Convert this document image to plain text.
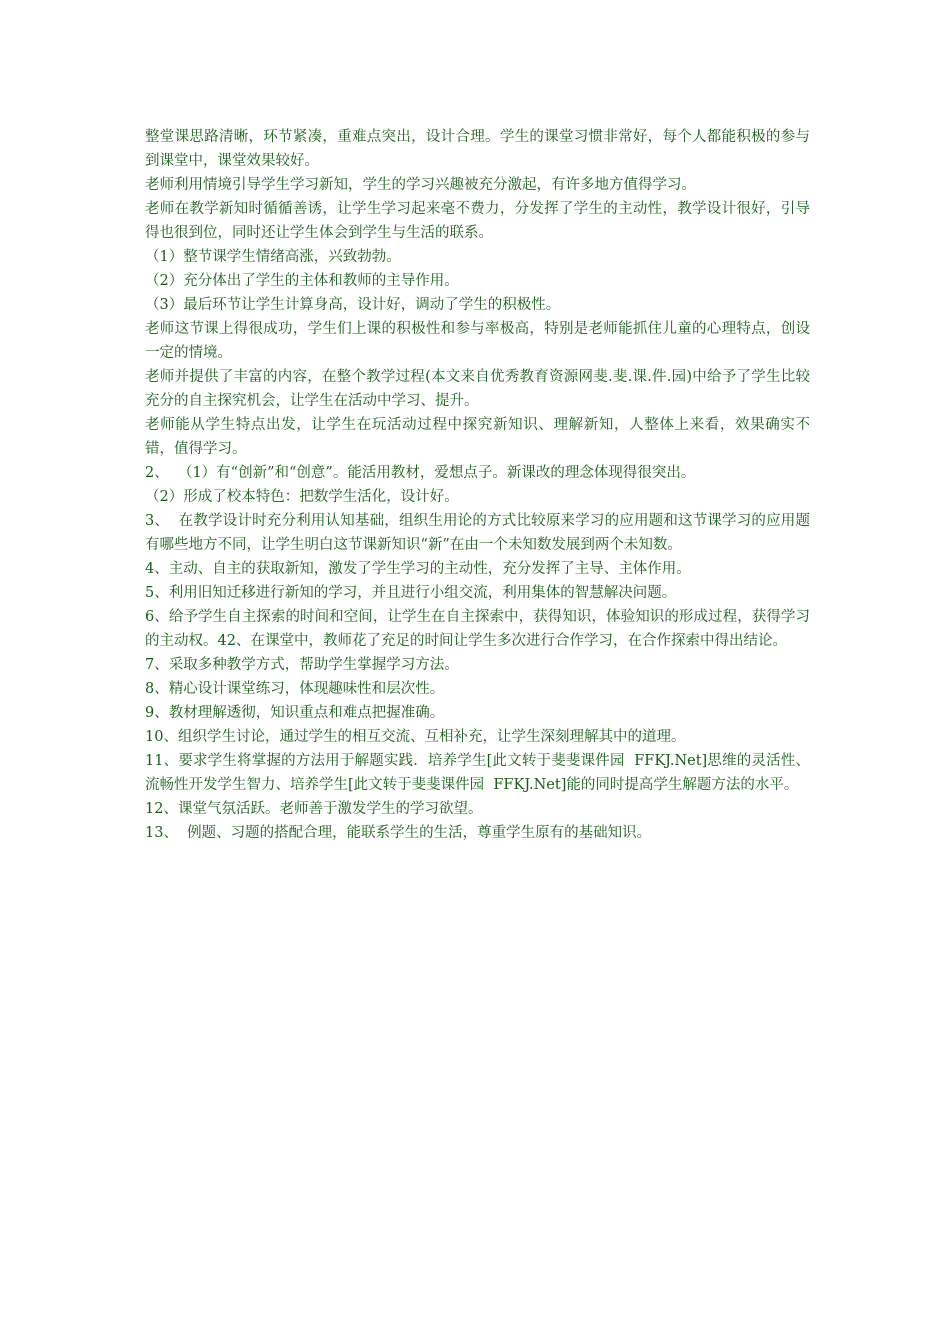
整堂课思路清晰，环节紧凑，重难点突出，设计合理。学生的课堂习惯非常好，每个人都能积极的参与到课堂中，课堂效果较好。

老师利用情境引导学生学习新知，学生的学习兴趣被充分激起，有许多地方值得学习。

老师在教学新知时循循善诱，让学生学习起来毫不费力，分发挥了学生的主动性，教学设计很好，引导得也很到位，同时还让学生体会到学生与生活的联系。

（1）整节课学生情绪高涨，兴致勃勃。

（2）充分体出了学生的主体和教师的主导作用。

（3）最后环节让学生计算身高，设计好，调动了学生的积极性。

老师这节课上得很成功，学生们上课的积极性和参与率极高，特别是老师能抓住儿童的心理特点，创设一定的情境。

老师并提供了丰富的内容，在整个教学过程(本文来自优秀教育资源网斐.斐.课.件.园)中给予了学生比较充分的自主探究机会，让学生在活动中学习、提升。

老师能从学生特点出发，让学生在玩活动过程中探究新知识、理解新知，人整体上来看，效果确实不错，值得学习。

2、  （1）有“创新”和“创意”。能活用教材，爱想点子。新课改的理念体现得很突出。

（2）形成了校本特色：把数学生活化，设计好。

3、  在教学设计时充分利用认知基础，组织生用论的方式比较原来学习的应用题和这节课学习的应用题有哪些地方不同，让学生明白这节课新知识“新”在由一个未知数发展到两个未知数。

4、主动、自主的获取新知，激发了学生学习的主动性，充分发挥了主导、主体作用。

5、利用旧知迁移进行新知的学习，并且进行小组交流，利用集体的智慧解决问题。

6、给予学生自主探索的时间和空间，让学生在自主探索中，获得知识，体验知识的形成过程，获得学习的主动权。42、在课堂中，教师花了充足的时间让学生多次进行合作学习，在合作探索中得出结论。

7、采取多种教学方式，帮助学生掌握学习方法。

8、精心设计课堂练习，体现趣味性和层次性。

9、教材理解透彻，知识重点和难点把握准确。

10、组织学生讨论，通过学生的相互交流、互相补充，让学生深刻理解其中的道理。

11、要求学生将掌握的方法用于解题实践．培养学生[此文转于斐斐课件园  FFKJ.Net]思维的灵活性、流畅性开发学生智力、培养学生[此文转于斐斐课件园  FFKJ.Net]能的同时提高学生解题方法的水平。

12、课堂气氛活跃。老师善于激发学生的学习欲望。

13、  例题、习题的搭配合理，能联系学生的生活，尊重学生原有的基础知识。
